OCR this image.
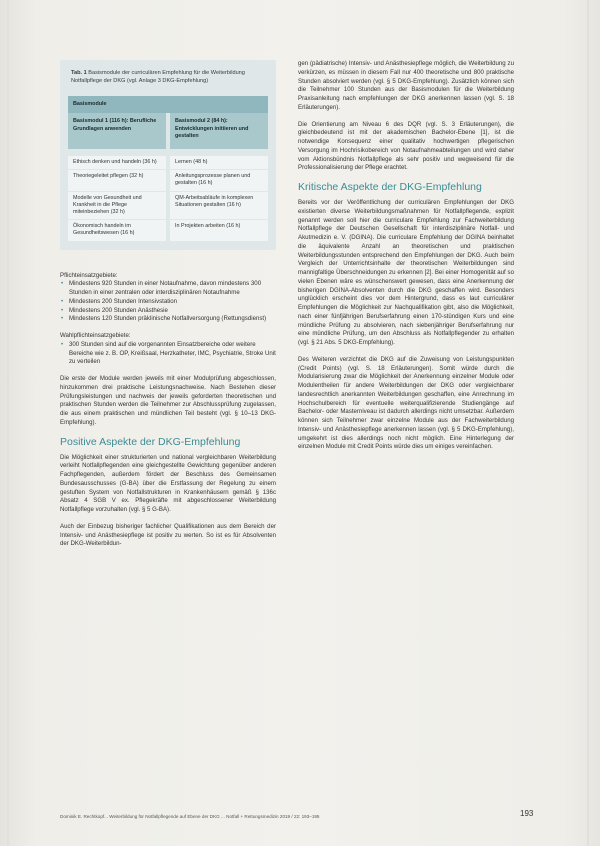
Tab. 1 Basismodule der curriculären Empfehlung für die Weiterbildung Notfallpflege der DKG (vgl. Anlage 3 DKG-Empfehlung)
Basismodule	
Basismodul 1 (116 h): Berufliche Grundlagen anwenden	Basismodul 2 (84 h): Entwicklungen initiieren und gestalten

Ethisch denken und handeln (36 h)	Lernen (48 h)
Theoriegeleitet pflegen (32 h)	Anleitungsprozesse planen und gestalten (16 h)
Modelle von Gesundheit und Krankheit in die Pflege miteinbeziehen (32 h)	QM-Arbeitsabläufe in komplexen Situationen gestalten (16 h)
Ökonomisch handeln im Gesundheitswesen (16 h)	In Projekten arbeiten (16 h)

Pflichteinsatzgebiete:

• Mindestens 920 Stunden in einer Notaufnahme, davon mindestens 300 Stunden in einer zentralen oder interdisziplinären Notaufnahme
• Mindestens 200 Stunden Intensivstation
• Mindestens 200 Stunden Anästhesie
• Mindestens 120 Stunden präklinische Notfallversorgung (Rettungsdienst)

Wahlpflichteinsatzgebiete:

• 300 Stunden sind auf die vorgenannten Einsatzbereiche oder weitere Bereiche wie z. B. OP, Kreißsaal, Herzkatheter, IMC, Psychiatrie, Stroke Unit zu verteilen

Die erste der Module werden jeweils mit einer Modulprüfung abgeschlossen, hinzukommen drei praktische Leistungsnachweise. Nach Bestehen dieser Prüfungsleistungen und nachweis der jeweils geforderten theoretischen und praktischen Stunden werden die Teilnehmer zur Abschlussprüfung zugelassen, die aus einem praktischen und mündlichen Teil besteht (vgl. § 10–13 DKG-Empfehlung).

Positive Aspekte der DKG-Empfehlung

Die Möglichkeit einer strukturierten und national vergleichbaren Weiterbildung verleiht Notfallpflegenden eine gleichgestellte Gewichtung gegenüber anderen Fachpflegenden, außerdem fördert der Beschluss des Gemeinsamen Bundesausschusses (G-BA) über die Erstfassung der Regelung zu einem gestuften System von Notfallstrukturen in Krankenhäusern gemäß § 136c Absatz 4 SGB V ex. Pflegekräfte mit abgeschlossener Weiterbildung Notfallpflege vorzuhalten (vgl. § 5 G-BA).

Auch der Einbezug bisheriger fachlicher Qualifikationen aus dem Bereich der Intensiv- und Anästhesiepflege ist positiv zu werten. So ist es für Absolventen der DKG-Weiterbildun-

gen (pädiatrische) Intensiv- und Anästhesiepflege möglich, die Weiterbildung zu verkürzen, es müssen in diesem Fall nur 400 theoretische und 800 praktische Stunden absolviert werden (vgl. § 5 DKG-Empfehlung). Zusätzlich können sich die Teilnehmer 100 Stunden aus der Basismodulen für die Weiterbildung Praxisanleitung nach empfehlungen der DKG anerkennen lassen (vgl. S. 18 Erläuterungen).

Die Orientierung am Niveau 6 des DQR (vgl. S. 3 Erläuterungen), die gleichbedeutend ist mit der akademischen Bachelor-Ebene [1], ist die notwendige Konsequenz einer qualitativ hochwertigen pflegerischen Versorgung im Hochrisikobereich von Notaufnahmeabteilungen und wird daher vom Aktionsbündnis Notfallpflege als sehr positiv und wegweisend für die Professionalisierung der Pflege erachtet.

Kritische Aspekte der DKG-Empfehlung

Bereits vor der Veröffentlichung der curriculären Empfehlungen der DKG existierten diverse Weiterbildungsmaßnahmen für Notfallpflegende, explizit genannt werden soll hier die curriculare Empfehlung zur Fachweiterbildung Notfallpflege der Deutschen Gesellschaft für interdisziplinäre Notfall- und Akutmedizin e. V. (DGINA). Die curriculare Empfehlung der DGINA beinhaltet die äquivalente Anzahl an theoretischen und praktischen Weiterbildungsstunden entsprechend den Empfehlungen der DKG. Auch beim Vergleich der Unterrichtsinhalte der theoretischen Weiterbildungen sind mannigfaltige Überschneidungen zu erkennen [2]. Bei einer Homogenität auf so vielen Ebenen wäre es wünschenswert gewesen, dass eine Anerkennung der bisherigen DGINA-Absolventen durch die DKG geschaffen wird. Besonders unglücklich erscheint dies vor dem Hintergrund, dass es laut curriculärer Empfehlungen die Möglichkeit zur Nachqualifikation gibt, also die Möglichkeit, nach einer fünfjährigen Berufserfahrung einen 170-stündigen Kurs und eine mündliche Prüfung zu absolvieren, nach siebenjähriger Berufserfahrung nur eine mündliche Prüfung, um den Abschluss als Notfallpflegender zu erhalten (vgl. § 21 Abs. 5 DKG-Empfehlung).

Des Weiteren verzichtet die DKG auf die Zuweisung von Leistungspunkten (Credit Points) (vgl. S. 18 Erläuterungen). Somit würde durch die Modularisierung zwar die Möglichkeit der Anerkennung einzelner Module oder Modulentheilen für andere Weiterbildungen der DKG oder vergleichbarer landesrechtlich anerkannten Weiterbildungen geschaffen, eine Anrechnung im Hochschulbereich für eventuelle weiterqualifizierende Studiengänge auf Bachelor- oder Masterniveau ist dadurch allerdings nicht umsetzbar. Außerdem können sich Teilnehmer zwar einzelne Module aus der Fachweiterbildung Intensiv- und Anästhesiepflege anerkennen lassen (vgl. § 5 DKG-Empfehlung), umgekehrt ist dies allerdings noch nicht möglich. Eine Hinterlegung der einzelnen Module mit Credit Points würde dies um einiges vereinfachen.

Dominik E. Rechtkopf... Weiterbildung für Notfallpflegende auf Ebene der DKG ... Notfall + Rettungsmedizin 2019 / 22: 193–195	193
